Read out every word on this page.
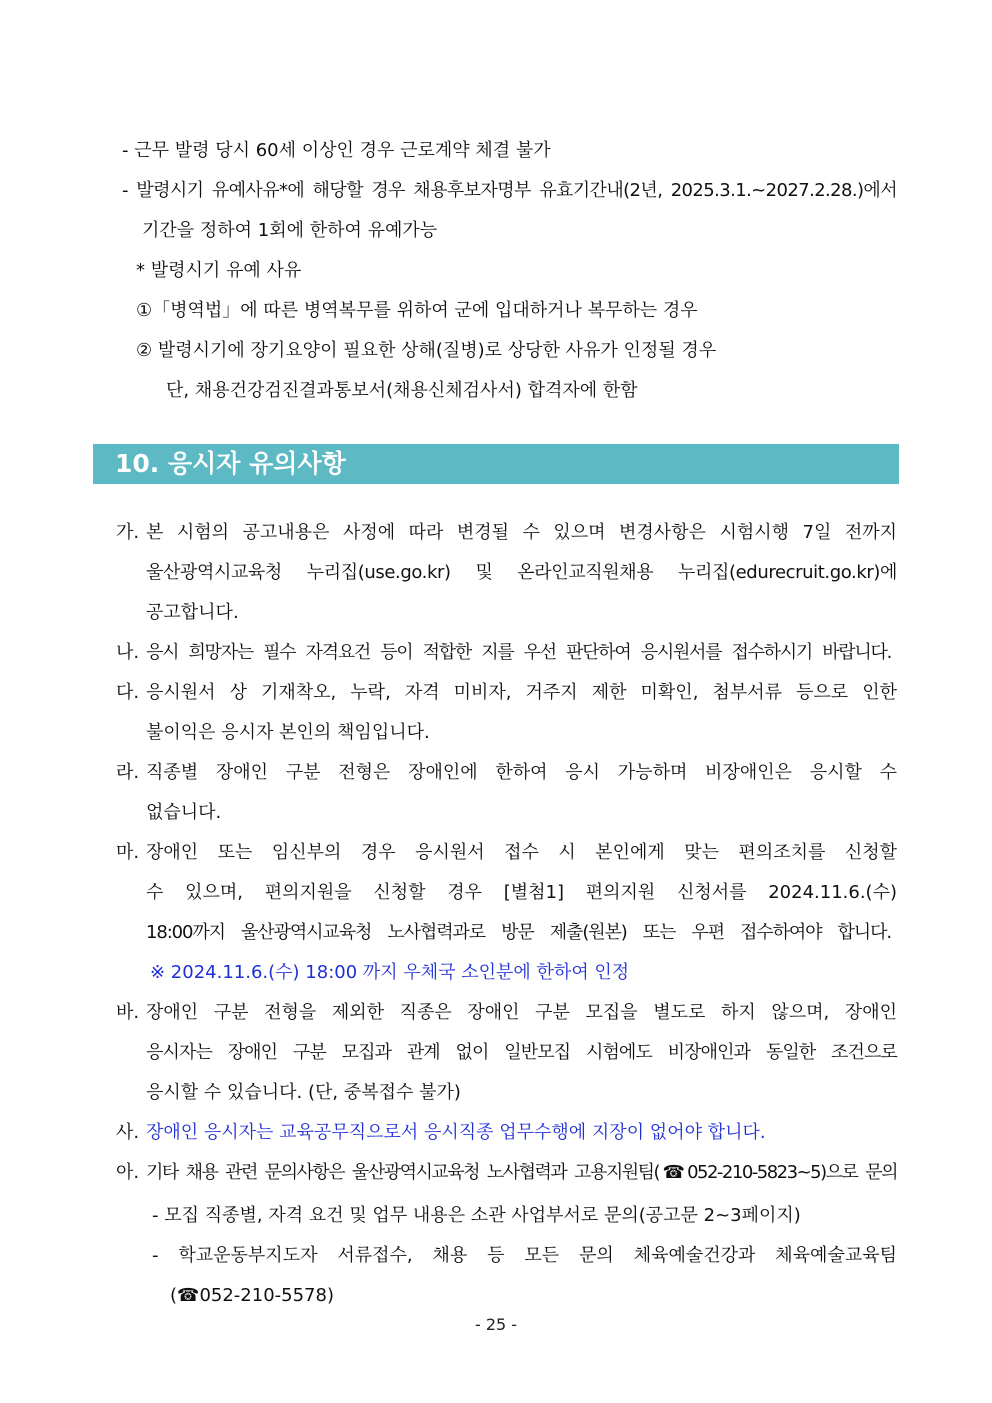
- 근무 발령 당시 60세 이상인 경우 근로계약 체결 불가
- 발령시기 유예사유*에 해당할 경우 채용후보자명부 유효기간내(2년, 2025.3.1.~2027.2.28.)에서
기간을 정하여 1회에 한하여 유예가능
* 발령시기 유예 사유
①「병역법」에 따른 병역복무를 위하여 군에 입대하거나 복무하는 경우
② 발령시기에 장기요양이 필요한 상해(질병)로 상당한 사유가 인정될 경우
단, 채용건강검진결과통보서(채용신체검사서) 합격자에 한함
10. 응시자 유의사항
가. 본 시험의 공고내용은 사정에 따라 변경될 수 있으며 변경사항은 시험시행 7일 전까지
울산광역시교육청 누리집(use.go.kr) 및 온라인교직원채용 누리집(edurecruit.go.kr)에
공고합니다.
나. 응시 희망자는 필수 자격요건 등이 적합한 지를 우선 판단하여 응시원서를 접수하시기 바랍니다.
다. 응시원서 상 기재착오, 누락, 자격 미비자, 거주지 제한 미확인, 첨부서류 등으로 인한
불이익은 응시자 본인의 책임입니다.
라. 직종별 장애인 구분 전형은 장애인에 한하여 응시 가능하며 비장애인은 응시할 수
없습니다.
마. 장애인 또는 임신부의 경우 응시원서 접수 시 본인에게 맞는 편의조치를 신청할
수 있으며, 편의지원을 신청할 경우 [별첨1] 편의지원 신청서를 2024.11.6.(수)
18:00까지 울산광역시교육청 노사협력과로 방문 제출(원본) 또는 우편 접수하여야 합니다.
※ 2024.11.6.(수) 18:00 까지 우체국 소인분에 한하여 인정
바. 장애인 구분 전형을 제외한 직종은 장애인 구분 모집을 별도로 하지 않으며, 장애인
응시자는 장애인 구분 모집과 관계 없이 일반모집 시험에도 비장애인과 동일한 조건으로
응시할 수 있습니다. (단, 중복접수 불가)
사. 장애인 응시자는 교육공무직으로서 응시직종 업무수행에 지장이 없어야 합니다.
아. 기타 채용 관련 문의사항은 울산광역시교육청 노사협력과 고용지원팀(☎052-210-5823~5)으로 문의
- 모집 직종별, 자격 요건 및 업무 내용은 소관 사업부서로 문의(공고문 2~3페이지)
- 학교운동부지도자 서류접수, 채용 등 모든 문의 체육예술건강과 체육예술교육팀
(☎052-210-5578)
- 25 -
